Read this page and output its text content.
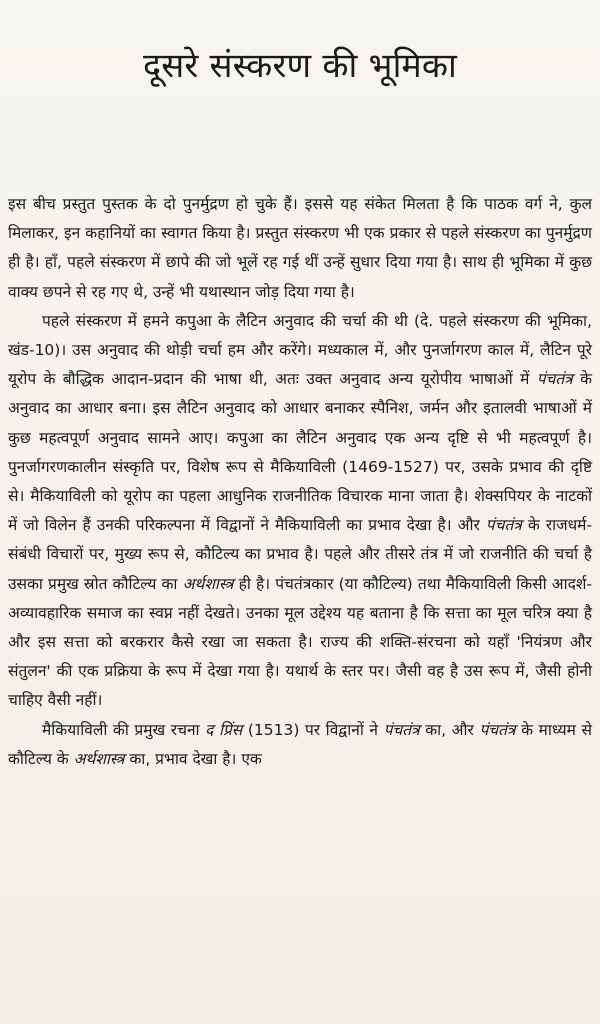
दूसरे संस्करण की भूमिका

इस बीच प्रस्तुत पुस्तक के दो पुनर्मुद्रण हो चुके हैं। इससे यह संकेत मिलता है कि पाठक वर्ग ने, कुल मिलाकर, इन कहानियों का स्वागत किया है। प्रस्तुत संस्करण भी एक प्रकार से पहले संस्करण का पुनर्मुद्रण ही है। हाँ, पहले संस्करण में छापे की जो भूलें रह गई थीं उन्हें सुधार दिया गया है। साथ ही भूमिका में कुछ वाक्य छपने से रह गए थे, उन्हें भी यथास्थान जोड़ दिया गया है।

पहले संस्करण में हमने कपुआ के लैटिन अनुवाद की चर्चा की थी (दे. पहले संस्करण की भूमिका, खंड-10)। उस अनुवाद की थोड़ी चर्चा हम और करेंगे। मध्यकाल में, और पुनर्जागरण काल में, लैटिन पूरे यूरोप के बौद्धिक आदान-प्रदान की भाषा थी, अतः उक्त अनुवाद अन्य यूरोपीय भाषाओं में पंचतंत्र के अनुवाद का आधार बना। इस लैटिन अनुवाद को आधार बनाकर स्पैनिश, जर्मन और इतालवी भाषाओं में कुछ महत्वपूर्ण अनुवाद सामने आए। कपुआ का लैटिन अनुवाद एक अन्य दृष्टि से भी महत्वपूर्ण है। पुनर्जागरणकालीन संस्कृति पर, विशेष रूप से मैकियाविली (1469-1527) पर, उसके प्रभाव की दृष्टि से। मैकियाविली को यूरोप का पहला आधुनिक राजनीतिक विचारक माना जाता है। शेक्सपियर के नाटकों में जो विलेन हैं उनकी परिकल्पना में विद्वानों ने मैकियाविली का प्रभाव देखा है। और पंचतंत्र के राजधर्म-संबंधी विचारों पर, मुख्य रूप से, कौटिल्य का प्रभाव है। पहले और तीसरे तंत्र में जो राजनीति की चर्चा है उसका प्रमुख स्रोत कौटिल्य का अर्थशास्त्र ही है। पंचतंत्रकार (या कौटिल्य) तथा मैकियाविली किसी आदर्श-अव्यावहारिक समाज का स्वप्न नहीं देखते। उनका मूल उद्देश्य यह बताना है कि सत्ता का मूल चरित्र क्या है और इस सत्ता को बरकरार कैसे रखा जा सकता है। राज्य की शक्ति-संरचना को यहाँ 'नियंत्रण और संतुलन' की एक प्रक्रिया के रूप में देखा गया है। यथार्थ के स्तर पर। जैसी वह है उस रूप में, जैसी होनी चाहिए वैसी नहीं।

मैकियाविली की प्रमुख रचना द प्रिंस (1513) पर विद्वानों ने पंचतंत्र का, और पंचतंत्र के माध्यम से कौटिल्य के अर्थशास्त्र का, प्रभाव देखा है। एक
